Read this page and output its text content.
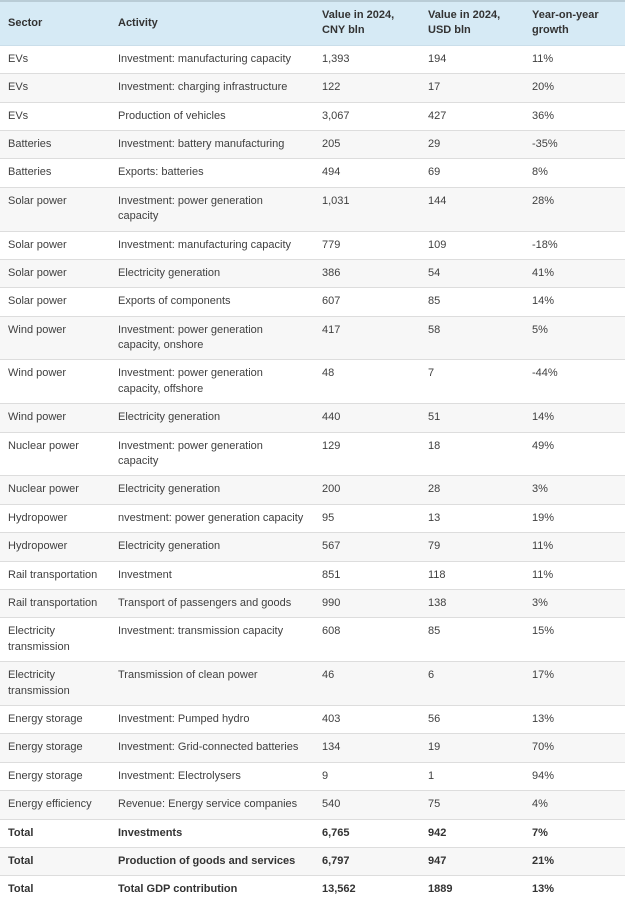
Sector	Activity	Value in 2024, CNY bln	Value in 2024, USD bln	Year-on-year growth
EVs	Investment: manufacturing capacity	1,393	194	11%
EVs	Investment: charging infrastructure	122	17	20%
EVs	Production of vehicles	3,067	427	36%
Batteries	Investment: battery manufacturing	205	29	-35%
Batteries	Exports: batteries	494	69	8%
Solar power	Investment: power generation capacity	1,031	144	28%
Solar power	Investment: manufacturing capacity	779	109	-18%
Solar power	Electricity generation	386	54	41%
Solar power	Exports of components	607	85	14%
Wind power	Investment: power generation capacity, onshore	417	58	5%
Wind power	Investment: power generation capacity, offshore	48	7	-44%
Wind power	Electricity generation	440	51	14%
Nuclear power	Investment: power generation capacity	129	18	49%
Nuclear power	Electricity generation	200	28	3%
Hydropower	nvestment: power generation capacity	95	13	19%
Hydropower	Electricity generation	567	79	11%
Rail transportation	Investment	851	118	11%
Rail transportation	Transport of passengers and goods	990	138	3%
Electricity transmission	Investment: transmission capacity	608	85	15%
Electricity transmission	Transmission of clean power	46	6	17%
Energy storage	Investment: Pumped hydro	403	56	13%
Energy storage	Investment: Grid-connected batteries	134	19	70%
Energy storage	Investment: Electrolysers	9	1	94%
Energy efficiency	Revenue: Energy service companies	540	75	4%
Total	Investments	6,765	942	7%
Total	Production of goods and services	6,797	947	21%
Total	Total GDP contribution	13,562	1889	13%
